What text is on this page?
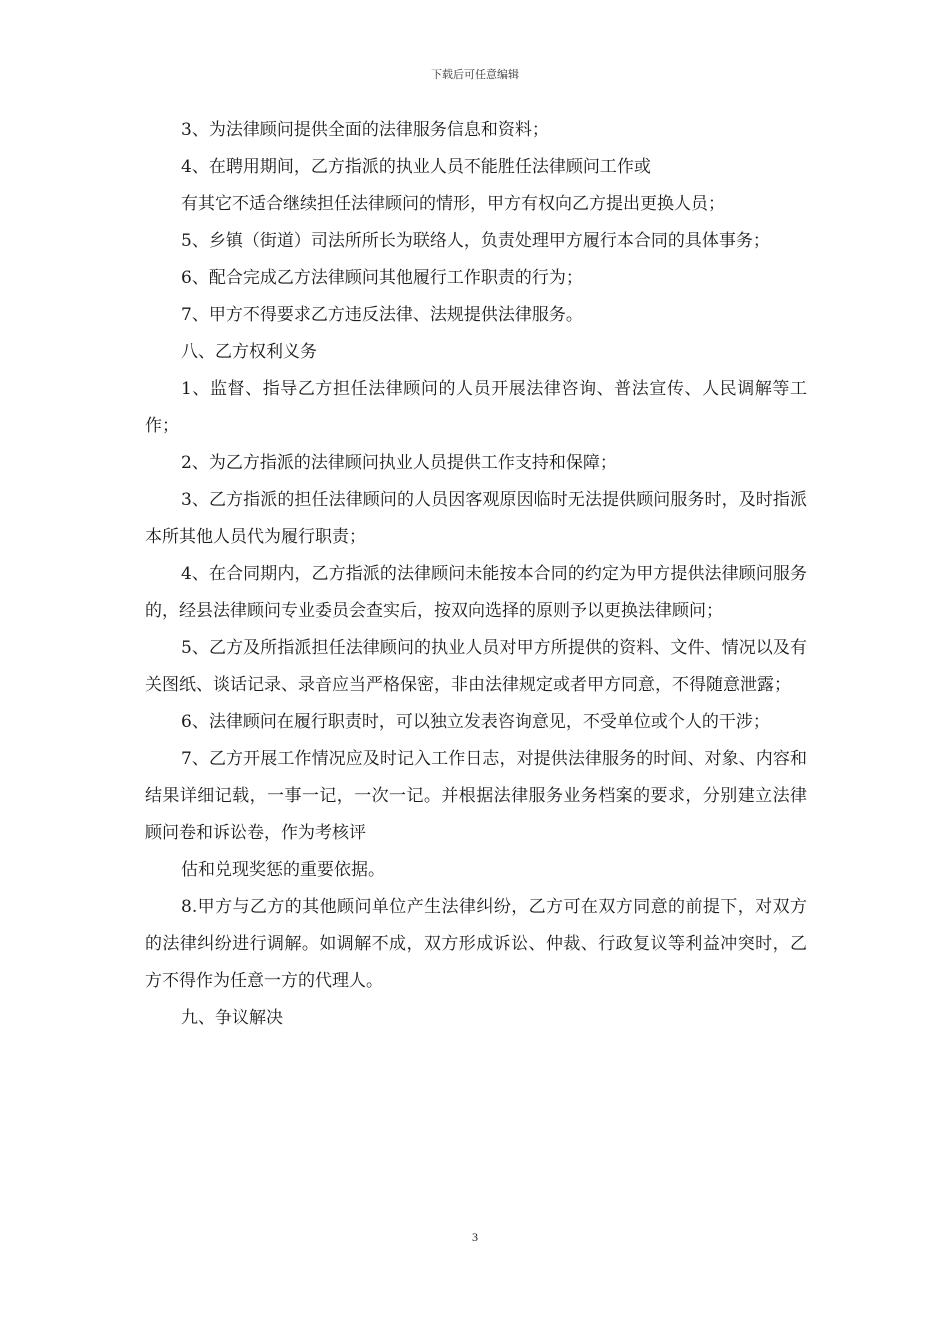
下载后可任意编辑

3、为法律顾问提供全面的法律服务信息和资料；

4、在聘用期间，乙方指派的执业人员不能胜任法律顾问工作或

有其它不适合继续担任法律顾问的情形，甲方有权向乙方提出更换人员；

5、乡镇（街道）司法所所长为联络人，负责处理甲方履行本合同的具体事务；

6、配合完成乙方法律顾问其他履行工作职责的行为；

7、甲方不得要求乙方违反法律、法规提供法律服务。

八、乙方权利义务

1、监督、指导乙方担任法律顾问的人员开展法律咨询、普法宣传、人民调解等工作；

2、为乙方指派的法律顾问执业人员提供工作支持和保障；

3、乙方指派的担任法律顾问的人员因客观原因临时无法提供顾问服务时，及时指派本所其他人员代为履行职责；

4、在合同期内，乙方指派的法律顾问未能按本合同的约定为甲方提供法律顾问服务的，经县法律顾问专业委员会查实后，按双向选择的原则予以更换法律顾问；

5、乙方及所指派担任法律顾问的执业人员对甲方所提供的资料、文件、情况以及有关图纸、谈话记录、录音应当严格保密，非由法律规定或者甲方同意，不得随意泄露；

6、法律顾问在履行职责时，可以独立发表咨询意见，不受单位或个人的干涉；

7、乙方开展工作情况应及时记入工作日志，对提供法律服务的时间、对象、内容和结果详细记载，一事一记，一次一记。并根据法律服务业务档案的要求，分别建立法律顾问卷和诉讼卷，作为考核评

估和兑现奖惩的重要依据。

8.甲方与乙方的其他顾问单位产生法律纠纷，乙方可在双方同意的前提下，对双方的法律纠纷进行调解。如调解不成，双方形成诉讼、仲裁、行政复议等利益冲突时，乙方不得作为任意一方的代理人。

九、争议解决

3
